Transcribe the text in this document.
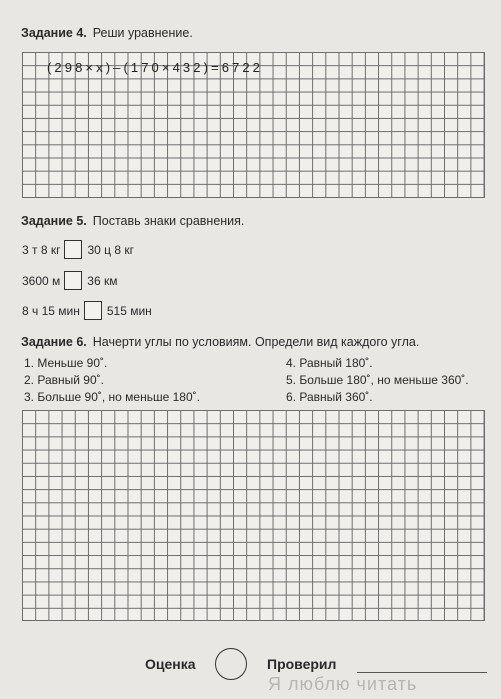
Задание 4. Реши уравнение.
(298×x)–(170×432)=6722
Задание 5. Поставь знаки сравнения.
3 т 8 кг 30 ц 8 кг
3600 м 36 км
8 ч 15 мин 515 мин
Задание 6. Начерти углы по условиям. Определи вид каждого угла.
1. Меньше 90˚.
2. Равный 90˚.
3. Больше 90˚, но меньше 180˚.
4. Равный 180˚.
5. Больше 180˚, но меньше 360˚.
6. Равный 360˚.
Оценка	Проверил
Я люблю читать
